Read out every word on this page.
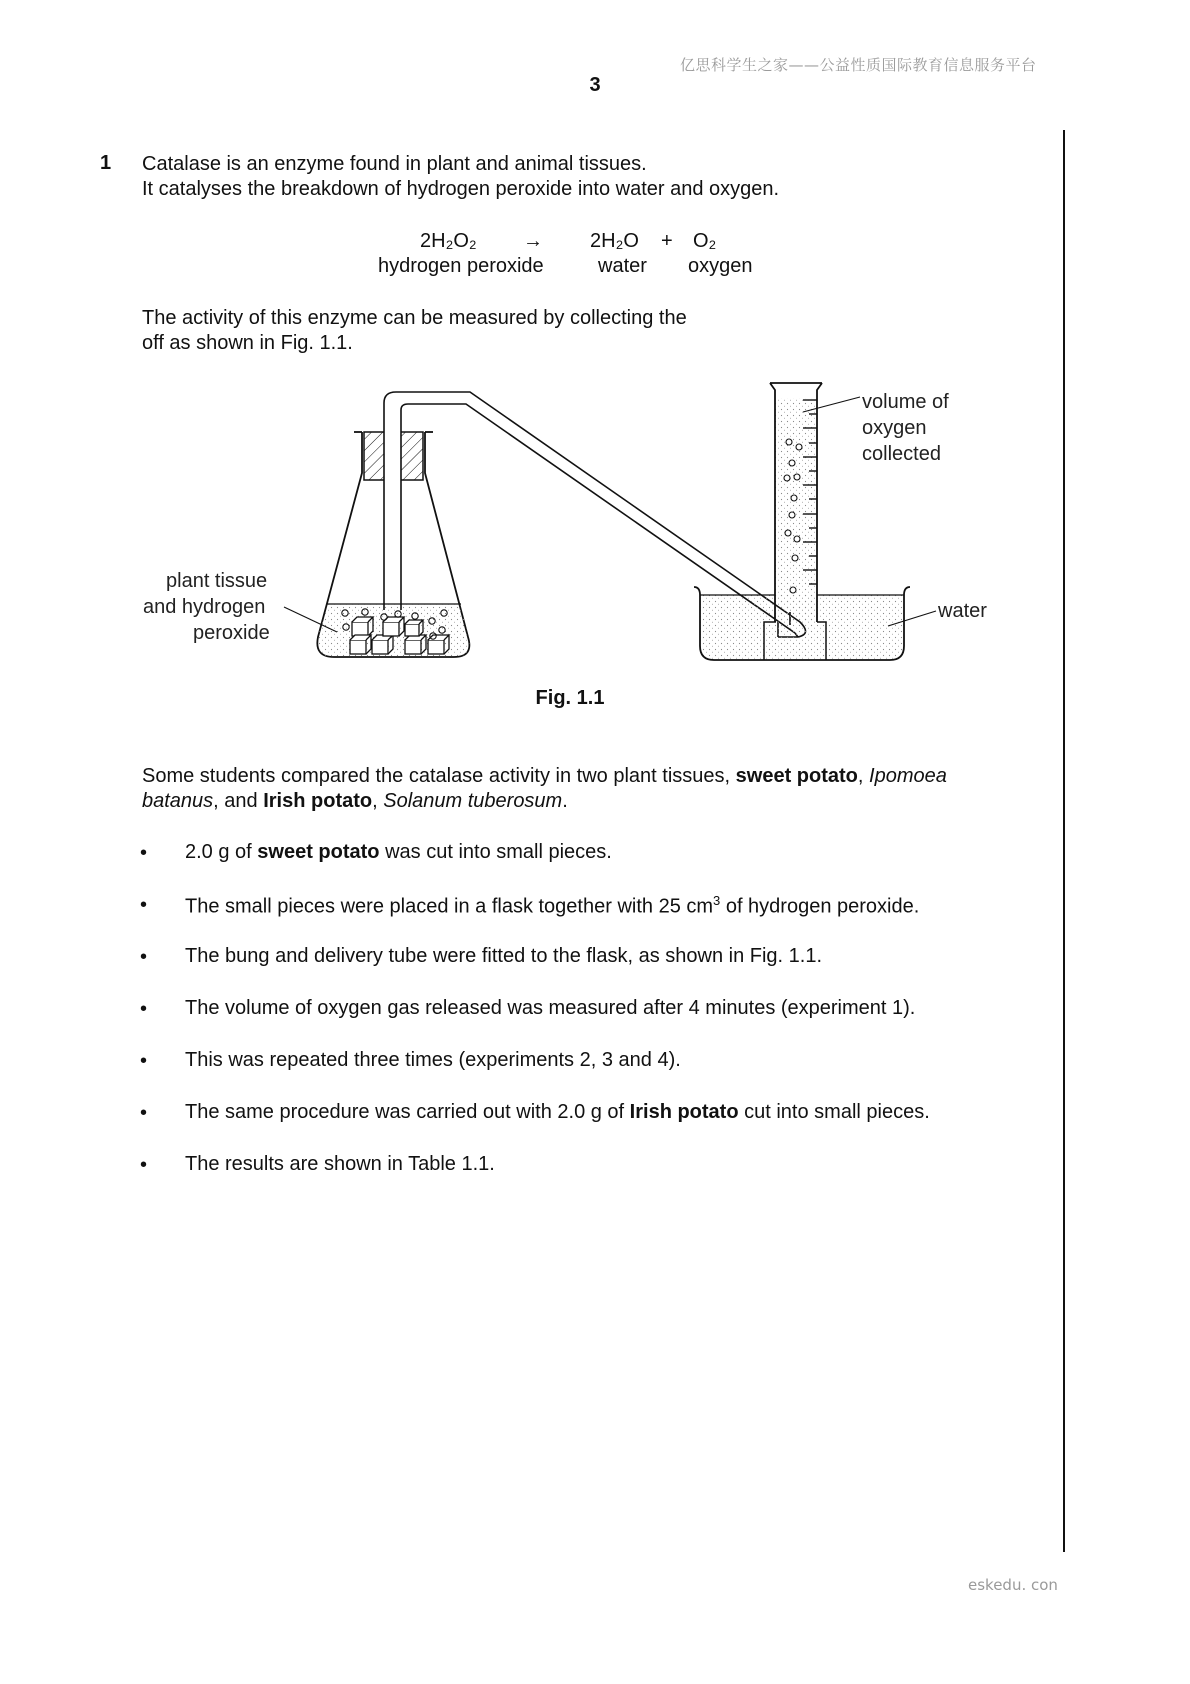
亿思科学生之家——公益性质国际教育信息服务平台
3
1 Catalase is an enzyme found in plant and animal tissues.
It catalyses the breakdown of hydrogen peroxide into water and oxygen.
2H₂O₂ → 2H₂O + O₂
hydrogen peroxide	water oxygen
The activity of this enzyme can be measured by collecting the
off as shown in Fig. 1.1.
plant tissue
and hydrogen
peroxide
volume of
oxygen
collected
water
Fig. 1.1
Some students compared the catalase activity in two plant tissues, sweet potato, Ipomoea
batanus, and Irish potato, Solanum tuberosum.
• 2.0 g of sweet potato was cut into small pieces.
• The small pieces were placed in a flask together with 25 $cm^3$ of hydrogen peroxide.
• The bung and delivery tube were fitted to the flask, as shown in Fig. 1.1.
• The volume of oxygen gas released was measured after 4 minutes (experiment 1).
• This was repeated three times (experiments 2, 3 and 4).
• The same procedure was carried out with 2.0 g of Irish potato cut into small pieces.
• The results are shown in Table 1.1.
eskedu. con
